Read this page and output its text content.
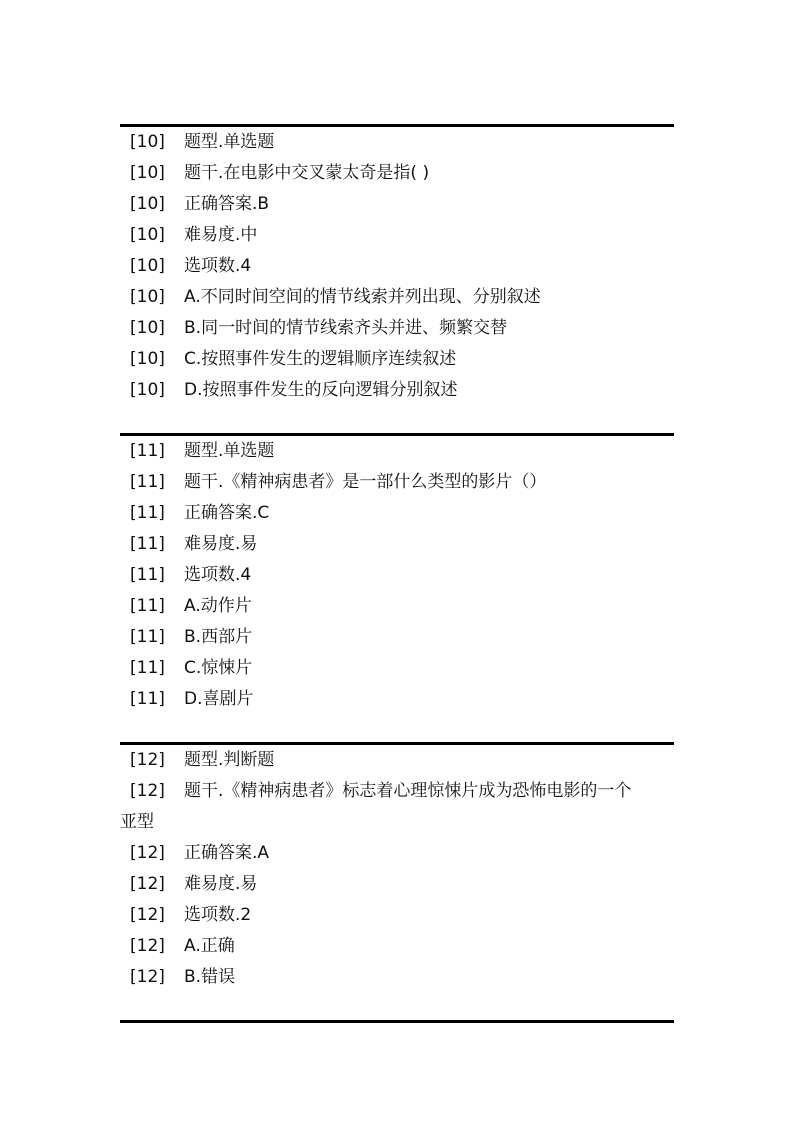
[10] 题型.单选题
[10] 题干.在电影中交叉蒙太奇是指( )
[10] 正确答案.B
[10] 难易度.中
[10] 选项数.4
[10] A.不同时间空间的情节线索并列出现、分别叙述
[10] B.同一时间的情节线索齐头并进、频繁交替
[10] C.按照事件发生的逻辑顺序连续叙述
[10] D.按照事件发生的反向逻辑分别叙述
[11] 题型.单选题
[11] 题干.《精神病患者》是一部什么类型的影片（）
[11] 正确答案.C
[11] 难易度.易
[11] 选项数.4
[11] A.动作片
[11] B.西部片
[11] C.惊悚片
[11] D.喜剧片
[12] 题型.判断题
[12] 题干.《精神病患者》标志着心理惊悚片成为恐怖电影的一个
亚型
[12] 正确答案.A
[12] 难易度.易
[12] 选项数.2
[12] A.正确
[12] B.错误
